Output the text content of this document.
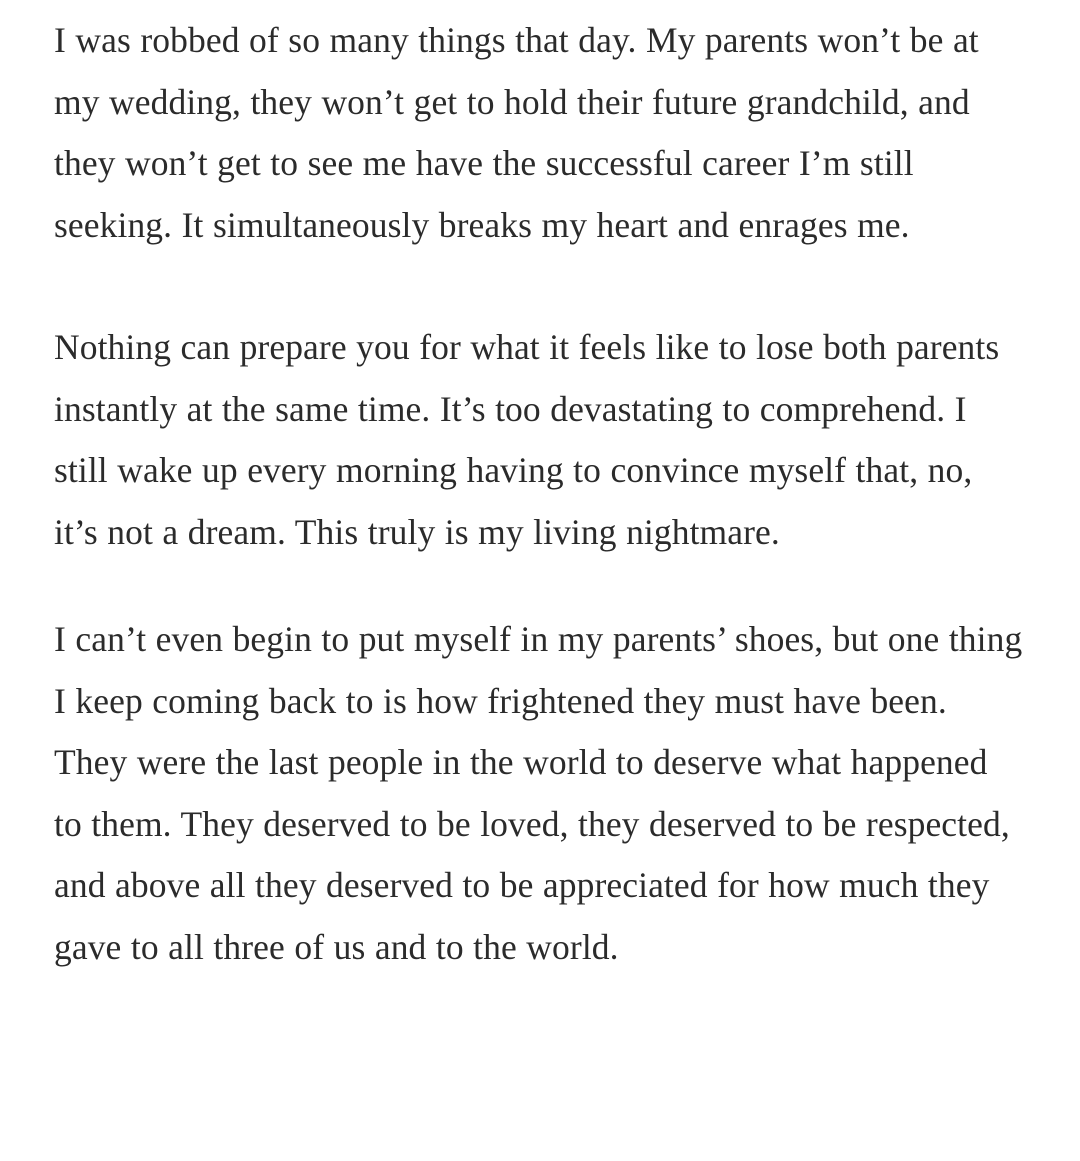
I was robbed of so many things that day. My parents won’t be at my wedding, they won’t get to hold their future grandchild, and they won’t get to see me have the successful career I’m still seeking. It simultaneously breaks my heart and enrages me.

Nothing can prepare you for what it feels like to lose both parents instantly at the same time. It’s too devastating to comprehend. I still wake up every morning having to convince myself that, no, it’s not a dream. This truly is my living nightmare.

I can’t even begin to put myself in my parents’ shoes, but one thing I keep coming back to is how frightened they must have been. They were the last people in the world to deserve what happened to them. They deserved to be loved, they deserved to be respected, and above all they deserved to be appreciated for how much they gave to all three of us and to the world.
